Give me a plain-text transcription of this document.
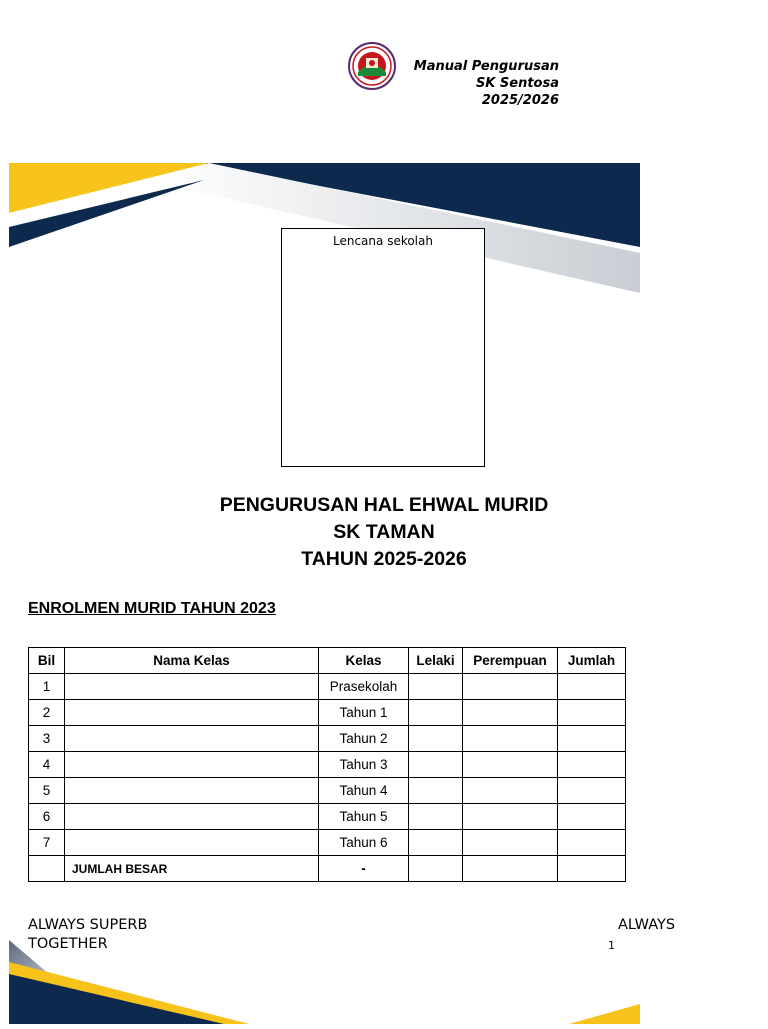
Manual Pengurusan
SK Sentosa
2025/2026
Lencana sekolah
PENGURUSAN HAL EHWAL MURID
SK TAMAN
TAHUN 2025-2026
ENROLMEN MURID TAHUN 2023
Bil	Nama Kelas	Kelas	Lelaki	Perempuan	Jumlah
1		Prasekolah			
2		Tahun 1			
3		Tahun 2			
4		Tahun 3			
5		Tahun 4			
6		Tahun 5			
7		Tahun 6			
	JUMLAH BESAR	-			
ALWAYS SUPERB
TOGETHER
ALWAYS
1
